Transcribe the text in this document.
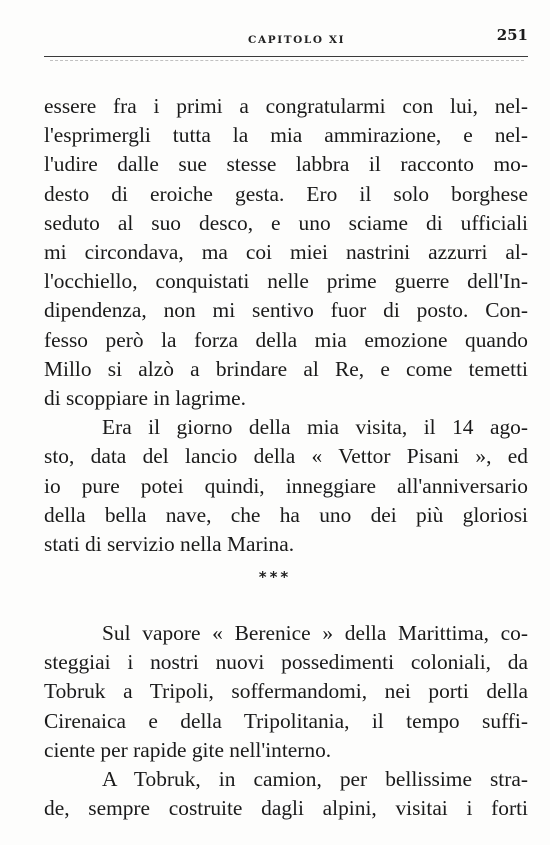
CAPITOLO XI	251
essere fra i primi a congratularmi con lui, nel-
l'esprimergli tutta la mia ammirazione, e nel-
l'udire dalle sue stesse labbra il racconto mo-
desto di eroiche gesta. Ero il solo borghese
seduto al suo desco, e uno sciame di ufficiali
mi circondava, ma coi miei nastrini azzurri al-
l'occhiello, conquistati nelle prime guerre dell'In-
dipendenza, non mi sentivo fuor di posto. Con-
fesso però la forza della mia emozione quando
Millo si alzò a brindare al Re, e come temetti
di scoppiare in lagrime.
Era il giorno della mia visita, il 14 ago-
sto, data del lancio della « Vettor Pisani », ed
io pure potei quindi, inneggiare all'anniversario
della bella nave, che ha uno dei più gloriosi
stati di servizio nella Marina.
***
Sul vapore « Berenice » della Marittima, co-
steggiai i nostri nuovi possedimenti coloniali, da
Tobruk a Tripoli, soffermandomi, nei porti della
Cirenaica e della Tripolitania, il tempo suffi-
ciente per rapide gite nell'interno.
A Tobruk, in camion, per bellissime stra-
de, sempre costruite dagli alpini, visitai i forti
